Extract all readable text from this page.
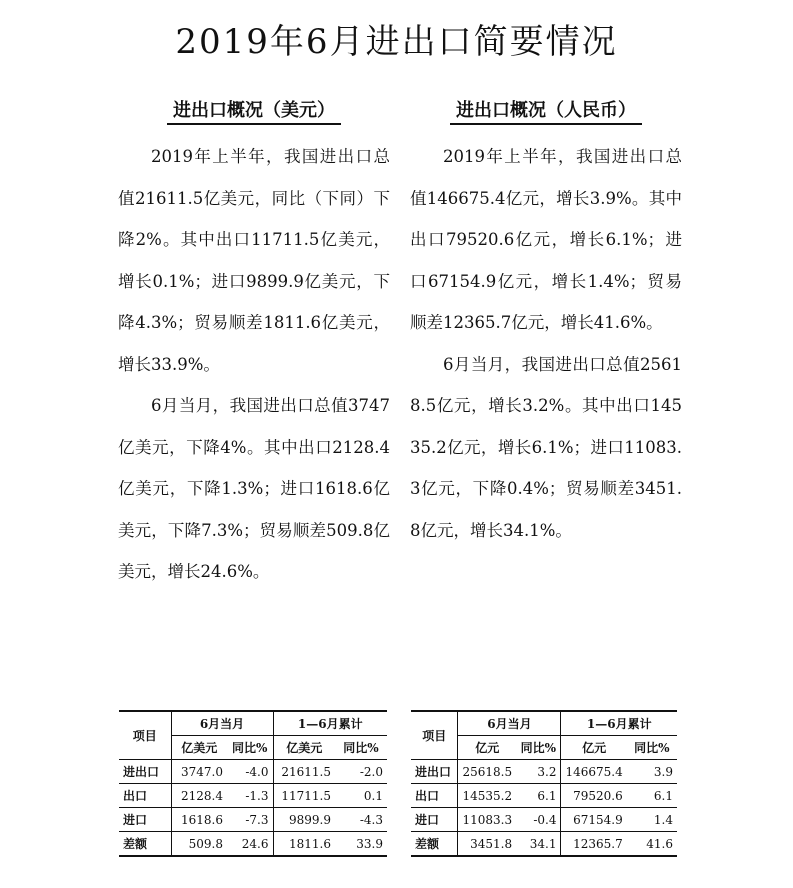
2019年6月进出口简要情况
进出口概况（美元）

2019年上半年，我国进出口总值21611.5亿美元，同比（下同）下降2%。其中出口11711.5亿美元，增长0.1%；进口9899.9亿美元，下降4.3%；贸易顺差1811.6亿美元，增长33.9%。

6月当月，我国进出口总值3747亿美元，下降4%。其中出口2128.4亿美元，下降1.3%；进口1618.6亿美元，下降7.3%；贸易顺差509.8亿美元，增长24.6%。

进出口概况（人民币）

2019年上半年，我国进出口总值146675.4亿元，增长3.9%。其中出口79520.6亿元，增长6.1%；进口67154.9亿元，增长1.4%；贸易顺差12365.7亿元，增长41.6%。

6月当月，我国进出口总值25618.5亿元，增长3.2%。其中出口14535.2亿元，增长6.1%；进口11083.3亿元，下降0.4%；贸易顺差3451.8亿元，增长34.1%。

项目	6月当月		1—6月累计	
	亿美元	同比%	亿美元	同比%
进出口	3747.0	-4.0	21611.5	-2.0
出口	2128.4	-1.3	11711.5	0.1
进口	1618.6	-7.3	9899.9	-4.3
差额	509.8	24.6	1811.6	33.9
项目	6月当月		1—6月累计	
	亿元	同比%	亿元	同比%
进出口	25618.5	3.2	146675.4	3.9
出口	14535.2	6.1	79520.6	6.1
进口	11083.3	-0.4	67154.9	1.4
差额	3451.8	34.1	12365.7	41.6
